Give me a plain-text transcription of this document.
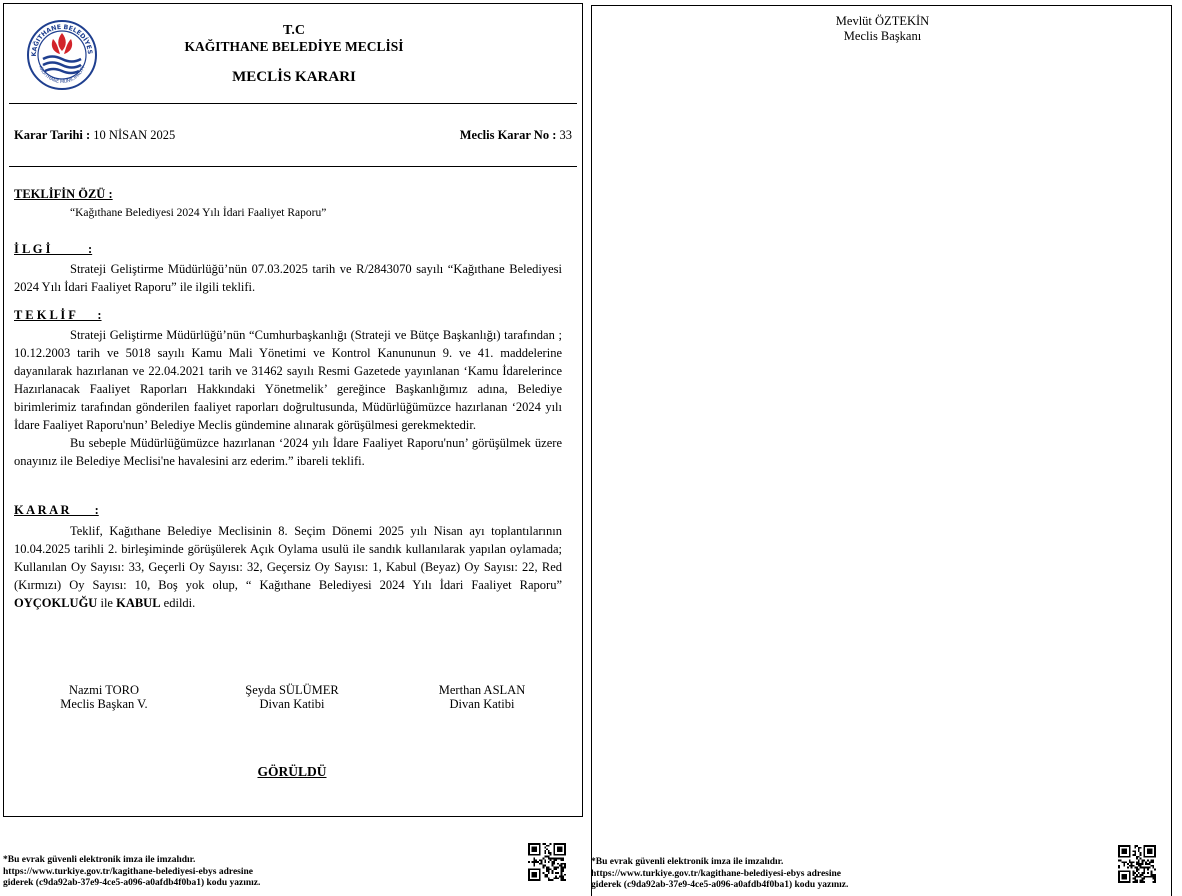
KAĞITHANE BELEDİYES
KAĞITHANE MUNICIPALITY
T.C
KAĞITHANE BELEDİYE MECLİSİ
MECLİS KARARI
Karar Tarihi : 10 NİSAN 2025	Meclis Karar No : 33
TEKLİFİN ÖZÜ :

“Kağıthane Belediyesi 2024 Yılı İdari Faaliyet Raporu”

İ L G İ            :

Strateji Geliştirme Müdürlüğü’nün 07.03.2025 tarih ve R/2843070 sayılı “Kağıthane Belediyesi 2024 Yılı İdari Faaliyet Raporu” ile ilgili teklifi.

T E K L İ F       :

Strateji Geliştirme Müdürlüğü’nün “Cumhurbaşkanlığı (Strateji ve Bütçe Başkanlığı) tarafından ; 10.12.2003 tarih ve 5018 sayılı Kamu Mali Yönetimi ve Kontrol Kanununun 9. ve 41. maddelerine dayanılarak hazırlanan ve 22.04.2021 tarih ve 31462 sayılı Resmi Gazetede yayınlanan ‘Kamu İdarelerince Hazırlanacak Faaliyet Raporları Hakkındaki Yönetmelik’ gereğince Başkanlığımız adına, Belediye birimlerimiz tarafından gönderilen faaliyet raporları doğrultusunda, Müdürlüğümüzce hazırlanan ‘2024 yılı İdare Faaliyet Raporu'nun’ Belediye Meclis gündemine alınarak görüşülmesi gerekmektedir.

Bu sebeple Müdürlüğümüzce hazırlanan ‘2024 yılı İdare Faaliyet Raporu'nun’ görüşülmek üzere onayınız ile Belediye Meclisi'ne havalesini arz ederim.” ibareli teklifi.

K A R A R        :

Teklif, Kağıthane Belediye Meclisinin 8. Seçim Dönemi 2025 yılı Nisan ayı toplantılarının 10.04.2025 tarihli 2. birleşiminde görüşülerek Açık Oylama usulü ile sandık kullanılarak yapılan oylamada; Kullanılan Oy Sayısı: 33, Geçerli Oy Sayısı: 32, Geçersiz Oy Sayısı: 1, Kabul (Beyaz) Oy Sayısı: 22, Red (Kırmızı) Oy Sayısı: 10, Boş yok olup, “ Kağıthane Belediyesi 2024 Yılı İdari Faaliyet Raporu” OYÇOKLUĞU ile KABUL edildi.

Nazmi TORO
Meclis Başkan V.
Şeyda SÜLÜMER
Divan Katibi
Merthan ASLAN
Divan Katibi
GÖRÜLDÜ
Mevlüt ÖZTEKİN
Meclis Başkanı
*Bu evrak güvenli elektronik imza ile imzalıdır.
https://www.turkiye.gov.tr/kagithane-belediyesi-ebys adresine
giderek (c9da92ab-37e9-4ce5-a096-a0afdb4f0ba1) kodu yazınız.
*Bu evrak güvenli elektronik imza ile imzalıdır.
https://www.turkiye.gov.tr/kagithane-belediyesi-ebys adresine
giderek (c9da92ab-37e9-4ce5-a096-a0afdb4f0ba1) kodu yazınız.
